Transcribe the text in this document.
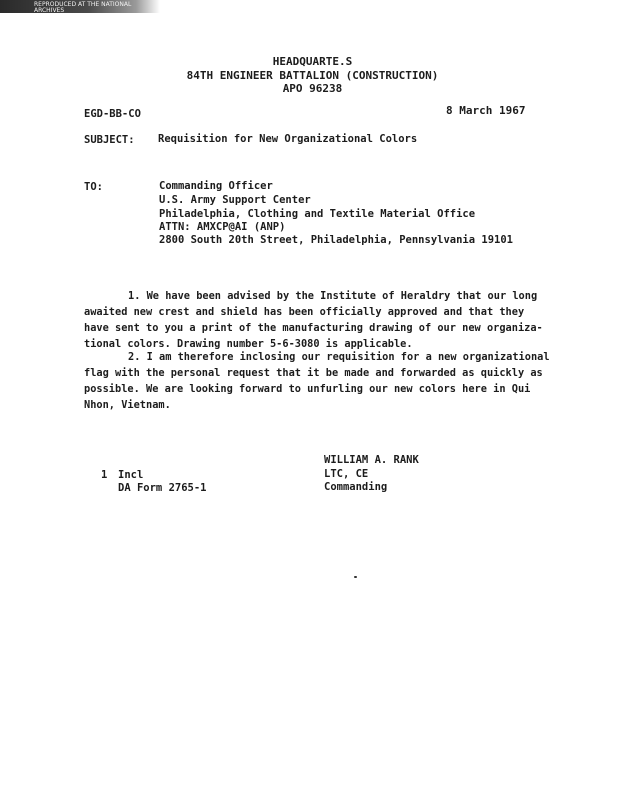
REPRODUCED AT THE NATIONAL ARCHIVES
HEADQUARTE.S
84TH ENGINEER BATTALION (CONSTRUCTION)
APO 96238
EGD-BB-CO	8 March 1967
SUBJECT: Requisition for New Organizational Colors
TO:	Commanding Officer
U.S. Army Support Center
Philadelphia, Clothing and Textile Material Office
ATTN: AMXCP@AI (ANP)
2800 South 20th Street, Philadelphia, Pennsylvania 19101
1. We have been advised by the Institute of Heraldry that our long
awaited new crest and shield has been officially approved and that they
have sent to you a print of the manufacturing drawing of our new organiza-
tional colors. Drawing number 5-6-3080 is applicable.
2. I am therefore inclosing our requisition for a new organizational
flag with the personal request that it be made and forwarded as quickly as
possible. We are looking forward to unfurling our new colors here in Qui
Nhon, Vietnam.
WILLIAM A. RANK
LTC, CE
Commanding
1 Incl
DA Form 2765-1
